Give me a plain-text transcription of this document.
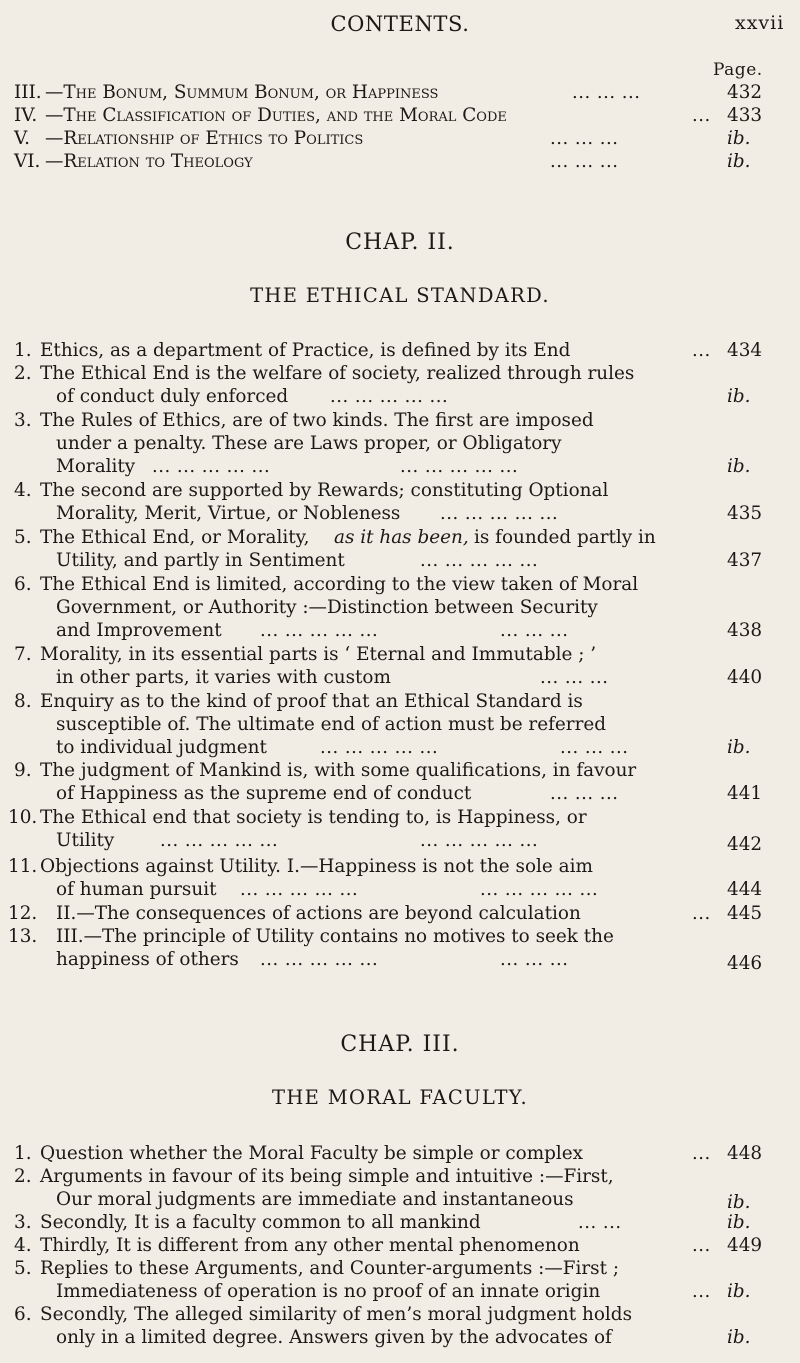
CONTENTS.	xxvii
Page.
III. —The Bonum, Summum Bonum, or Happiness	... ... ...	432
IV. —The Classification of Duties, and the Moral Code	... 433
V. —Relationship of Ethics to Politics	... ... ...	ib.
VI. —Relation to Theology	... ... ...	ib.
CHAP. II.
THE ETHICAL STANDARD.
1. Ethics, as a department of Practice, is defined by its End	... 434
2. The Ethical End is the welfare of society, realized through rules
of conduct duly enforced ... ... ... ... ...	ib.
3. The Rules of Ethics, are of two kinds. The first are imposed
under a penalty. These are Laws proper, or Obligatory
Morality ... ... ... ... ...	... ... ... ... ...	ib.
4. The second are supported by Rewards; constituting Optional
Morality, Merit, Virtue, or Nobleness ... ... ... ... ...	435
5. The Ethical End, or Morality, as it has been, is founded partly in
Utility, and partly in Sentiment	... ... ... ... ...	437
6. The Ethical End is limited, according to the view taken of Moral
Government, or Authority :—Distinction between Security
and Improvement ... ... ... ... ...	... ... ...	438
7. Morality, in its essential parts is ‘ Eternal and Immutable ; ’
in other parts, it varies with custom	... ... ...	440
8. Enquiry as to the kind of proof that an Ethical Standard is
susceptible of. The ultimate end of action must be referred
to individual judgment	... ... ... ... ...	... ... ...	ib.
9. The judgment of Mankind is, with some qualifications, in favour
of Happiness as the supreme end of conduct	... ... ...	441
10. The Ethical end that society is tending to, is Happiness, or
Utility	... ... ... ... ...	... ... ... ... ...	442
11. Objections against Utility. I.—Happiness is not the sole aim
of human pursuit ... ... ... ... ...	... ... ... ... ...	444
12. II.—The consequences of actions are beyond calculation	... 445
13. III.—The principle of Utility contains no motives to seek the
happiness of others ... ... ... ... ...	... ... ...	446
CHAP. III.
THE MORAL FACULTY.
1. Question whether the Moral Faculty be simple or complex	... 448
2. Arguments in favour of its being simple and intuitive :—First,
Our moral judgments are immediate and instantaneous	ib.
3. Secondly, It is a faculty common to all mankind	... ...	ib.
4. Thirdly, It is different from any other mental phenomenon	... 449
5. Replies to these Arguments, and Counter-arguments :—First ;
Immediateness of operation is no proof of an innate origin	... ib.
6. Secondly, The alleged similarity of men’s moral judgment holds
only in a limited degree. Answers given by the advocates of	ib.
